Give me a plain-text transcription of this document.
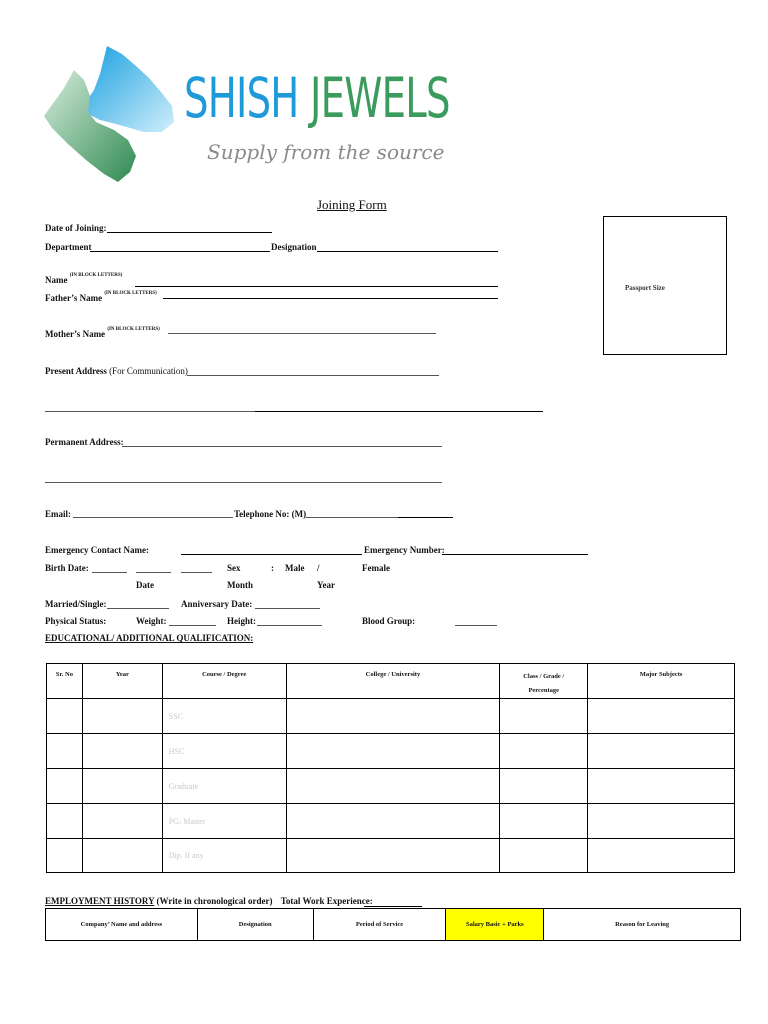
SHISH JEWELS
Supply from the source
Joining Form
Passport Size
Date of Joining:
Department	Designation
Name $^{(IN BLOCK LETTERS)}$
Father’s Name $^{(IN BLOCK LETTERS)}$
Mother’s Name $^{(IN BLOCK LETTERS)}$
Present Address (For Communication)
Permanent Address:
Email:	Telephone No: (M)
Emergency Contact Name:	Emergency Number:
Birth Date:	Sex	: Male /	Female
Date	Month	Year
Married/Single:	Anniversary Date:
Physical Status:	Weight:	Height:	Blood Group:
EDUCATIONAL/ ADDITIONAL QUALIFICATION:
Sr. No	Year	Course / Degree	College / University	Class / Grade / Percentage	Major Subjects
		SSC			
		HSC			
		Graduate			
		PG: Master			
		Dip. If any			
EMPLOYMENT HISTORY (Write in chronological order) Total Work Experience:
Company’ Name and address	Designation	Period of Service	Salary Basic + Parks	Reason for Leaving
